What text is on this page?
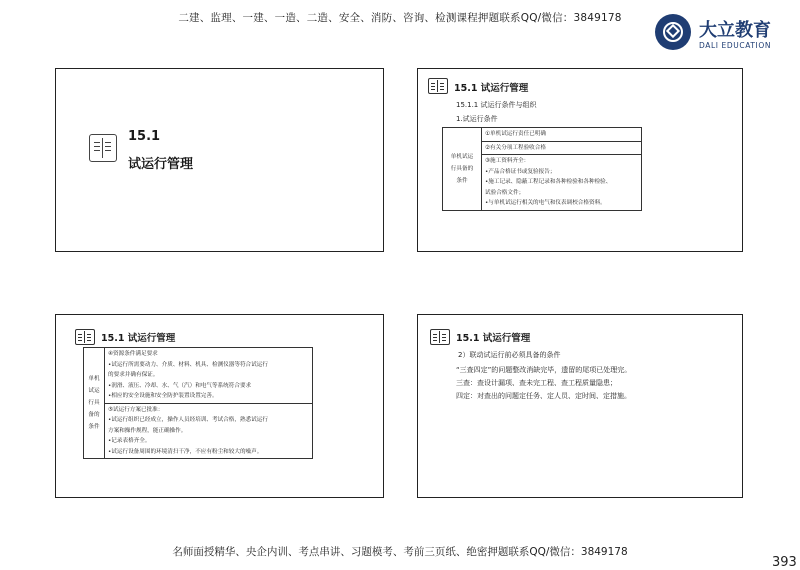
二建、监理、一建、一造、二造、安全、消防、咨询、检测课程押题联系QQ/微信：3849178
大立教育
DALI EDUCATION
15.1
试运行管理
15.1 试运行管理
15.1.1 试运行条件与组织
1.试运行条件
单机试运
行具备的
条件

①单机试运行责任已明确

②有关分项工程验收合格

③施工资料齐全：
•产品合格证书或复验报告；
•施工记录、隐蔽工程记录和各种检验和各种检验、
试验合格文件；
•与单机试运行相关的电气和仪表调校合格资料。
15.1 试运行管理
单机
试运
行具
备的
条件

④资源条件满足要求
•试运行所需要动力、介质、材料、机具、检测仪器等符合试运行
的要求并确有保证。
•润滑、液压、冷却、水、气（汽）和电气等系统符合要求
•相应的安全设施和安全防护装置设置完善。

⑤试运行方案已批准：
•试运行组织已经成立，操作人员经培训、考试合格，熟悉试运行
方案和操作规程，能正确操作。
•记录表格齐全。
•试运行设备周围的环境清扫干净，不应有粉尘和较大的噪声。
15.1 试运行管理
2）联动试运行前必须具备的条件
“三查四定”的问题整改消缺完毕，遗留的尾项已处理完。
三查：查设计漏项、查未完工程、查工程质量隐患；
四定：对查出的问题定任务、定人员、定时间、定措施。
名师面授精华、央企内训、考点串讲、习题模考、考前三页纸、绝密押题联系QQ/微信：3849178
393
